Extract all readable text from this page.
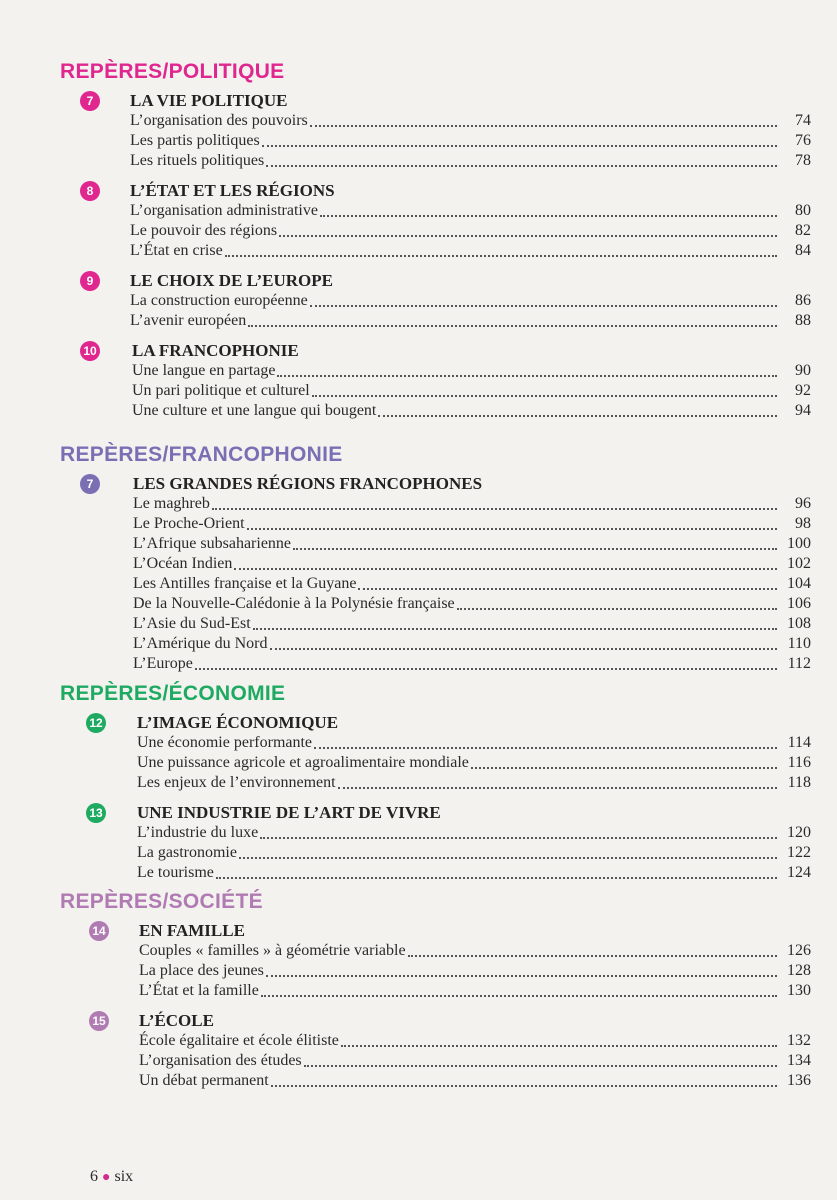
REPÈRES/POLITIQUE
7	LA VIE POLITIQUE
L’organisation des pouvoirs	74
Les partis politiques	76
Les rituels politiques	78
8	L’ÉTAT ET LES RÉGIONS
L’organisation administrative	80
Le pouvoir des régions	82
L’État en crise	84
9	LE CHOIX DE L’EUROPE
La construction européenne	86
L’avenir européen	88
10 LA FRANCOPHONIE
Une langue en partage	90
Un pari politique et culturel	92
Une culture et une langue qui bougent	94
REPÈRES/FRANCOPHONIE
7	LES GRANDES RÉGIONS FRANCOPHONES
Le maghreb	96
Le Proche-Orient	98
L’Afrique subsaharienne	100
L’Océan Indien	102
Les Antilles française et la Guyane	104
De la Nouvelle-Calédonie à la Polynésie française	106
L’Asie du Sud-Est	108
L’Amérique du Nord	110
L’Europe	112
REPÈRES/ÉCONOMIE
12 L’IMAGE ÉCONOMIQUE
Une économie performante	114
Une puissance agricole et agroalimentaire mondiale	116
Les enjeux de l’environnement	118
13 UNE INDUSTRIE DE L’ART DE VIVRE
L’industrie du luxe	120
La gastronomie	122
Le tourisme	124
REPÈRES/SOCIÉTÉ
14 EN FAMILLE
Couples « familles » à géométrie variable	126
La place des jeunes	128
L’État et la famille	130
15 L’ÉCOLE
École égalitaire et école élitiste	132
L’organisation des études	134
Un débat permanent	136
6 ● six
